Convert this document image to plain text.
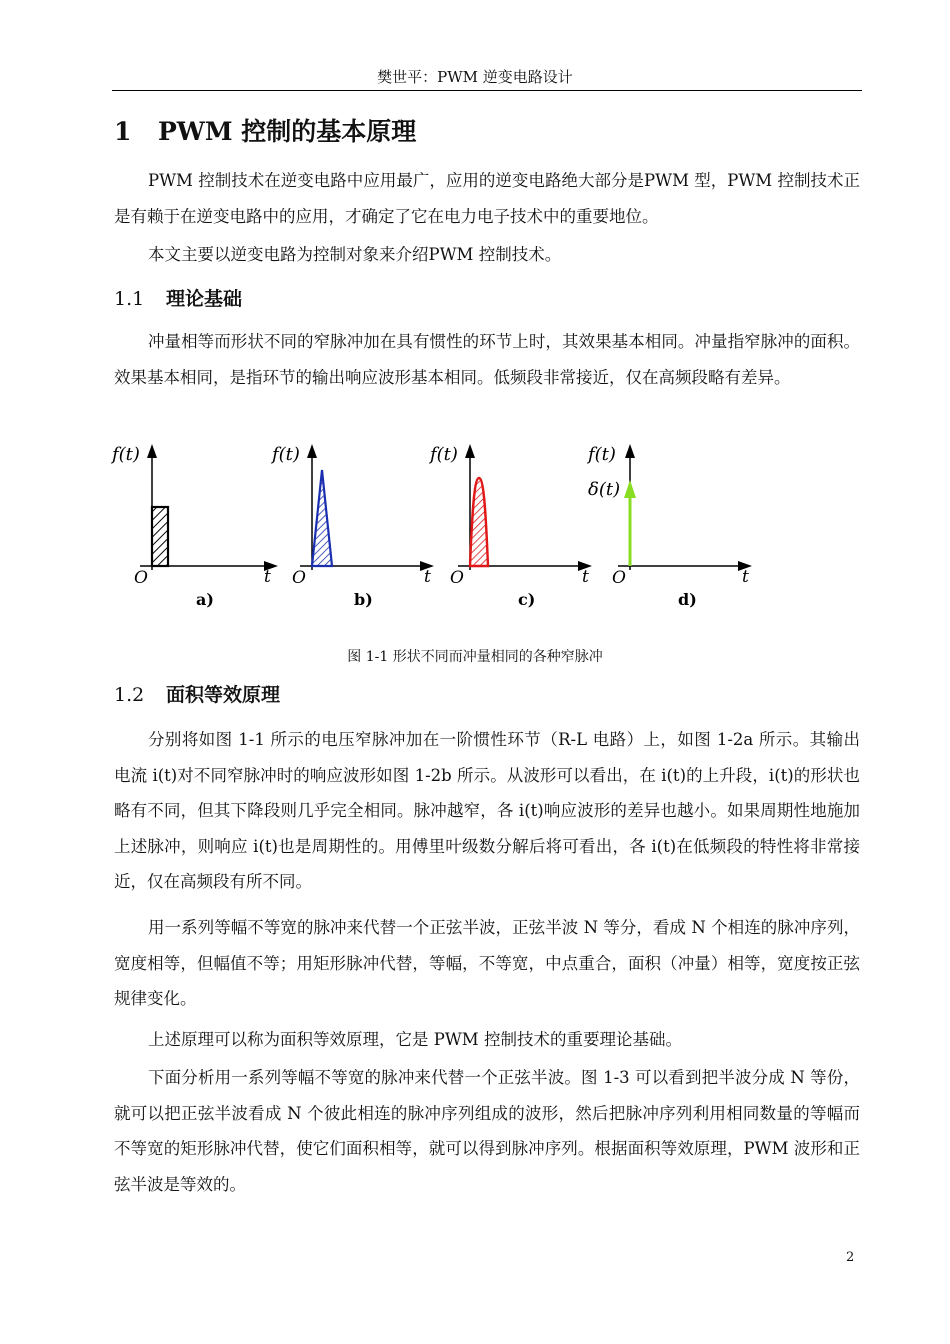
樊世平：PWM 逆变电路设计
1 PWM 控制的基本原理

PWM 控制技术在逆变电路中应用最广，应用的逆变电路绝大部分是PWM 型，PWM 控制技术正是有赖于在逆变电路中的应用，才确定了它在电力电子技术中的重要地位。

本文主要以逆变电路为控制对象来介绍PWM 控制技术。

1.1 理论基础

冲量相等而形状不同的窄脉冲加在具有惯性的环节上时，其效果基本相同。冲量指窄脉冲的面积。效果基本相同，是指环节的输出响应波形基本相同。低频段非常接近，仅在高频段略有差异。

f(t)
O	t
a)
f(t)
O	t
b)
f(t)
O	t
c)
f(t)
δ(t)
O	t
d)
图 1-1 形状不同而冲量相同的各种窄脉冲
1.2 面积等效原理

分别将如图 1-1 所示的电压窄脉冲加在一阶惯性环节（R-L 电路）上，如图 1-2a 所示。其输出电流 i(t)对不同窄脉冲时的响应波形如图 1-2b 所示。从波形可以看出，在 i(t)的上升段，i(t)的形状也略有不同，但其下降段则几乎完全相同。脉冲越窄，各 i(t)响应波形的差异也越小。如果周期性地施加上述脉冲，则响应 i(t)也是周期性的。用傅里叶级数分解后将可看出，各 i(t)在低频段的特性将非常接近，仅在高频段有所不同。

用一系列等幅不等宽的脉冲来代替一个正弦半波，正弦半波 N 等分，看成 N 个相连的脉冲序列，宽度相等，但幅值不等；用矩形脉冲代替，等幅，不等宽，中点重合，面积（冲量）相等，宽度按正弦规律变化。

上述原理可以称为面积等效原理，它是 PWM 控制技术的重要理论基础。

下面分析用一系列等幅不等宽的脉冲来代替一个正弦半波。图 1-3 可以看到把半波分成 N 等份，就可以把正弦半波看成 N 个彼此相连的脉冲序列组成的波形，然后把脉冲序列利用相同数量的等幅而不等宽的矩形脉冲代替，使它们面积相等，就可以得到脉冲序列。根据面积等效原理，PWM 波形和正弦半波是等效的。

2
